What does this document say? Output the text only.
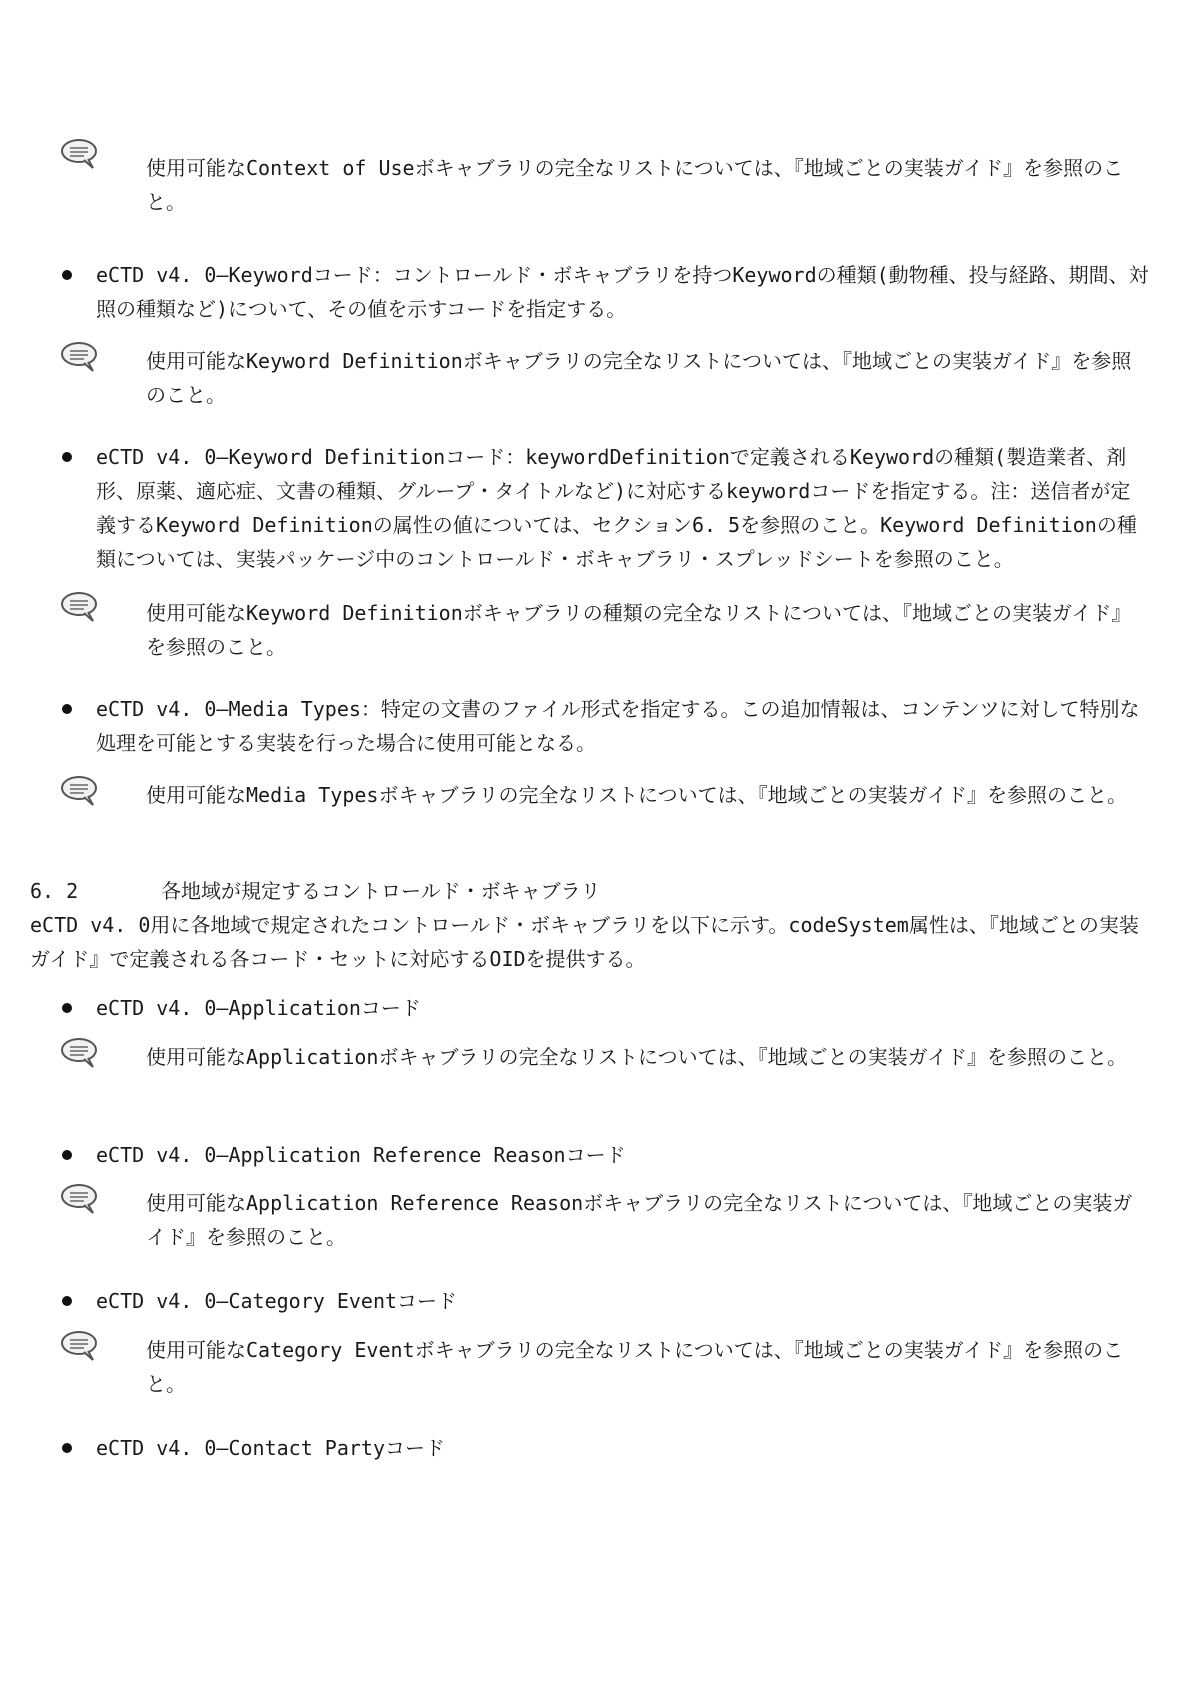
使用可能なContext of Useボキャブラリの完全なリストについては、『地域ごとの実装ガイド』を参照のこと。

eCTD v4. 0—Keywordコード：コントロールド・ボキャブラリを持つKeywordの種類(動物種、投与経路、期間、対照の種類など)について、その値を示すコードを指定する。

使用可能なKeyword Definitionボキャブラリの完全なリストについては、『地域ごとの実装ガイド』を参照のこと。

eCTD v4. 0—Keyword Definitionコード：keywordDefinitionで定義されるKeywordの種類(製造業者、剤形、原薬、適応症、文書の種類、グループ・タイトルなど)に対応するkeywordコードを指定する。注：送信者が定義するKeyword Definitionの属性の値については、セクション6. 5を参照のこと。Keyword Definitionの種類については、実装パッケージ中のコントロールド・ボキャブラリ・スプレッドシートを参照のこと。

使用可能なKeyword Definitionボキャブラリの種類の完全なリストについては、『地域ごとの実装ガイド』を参照のこと。

eCTD v4. 0—Media Types：特定の文書のファイル形式を指定する。この追加情報は、コンテンツに対して特別な処理を可能とする実装を行った場合に使用可能となる。

使用可能なMedia Typesボキャブラリの完全なリストについては、『地域ごとの実装ガイド』を参照のこと。

6. 2	各地域が規定するコントロールド・ボキャブラリ

eCTD v4. 0用に各地域で規定されたコントロールド・ボキャブラリを以下に示す。codeSystem属性は、『地域ごとの実装ガイド』で定義される各コード・セットに対応するOIDを提供する。

eCTD v4. 0—Applicationコード

使用可能なApplicationボキャブラリの完全なリストについては、『地域ごとの実装ガイド』を参照のこと。

eCTD v4. 0—Application Reference Reasonコード

使用可能なApplication Reference Reasonボキャブラリの完全なリストについては、『地域ごとの実装ガイド』を参照のこと。

eCTD v4. 0—Category Eventコード

使用可能なCategory Eventボキャブラリの完全なリストについては、『地域ごとの実装ガイド』を参照のこと。

eCTD v4. 0—Contact Partyコード
